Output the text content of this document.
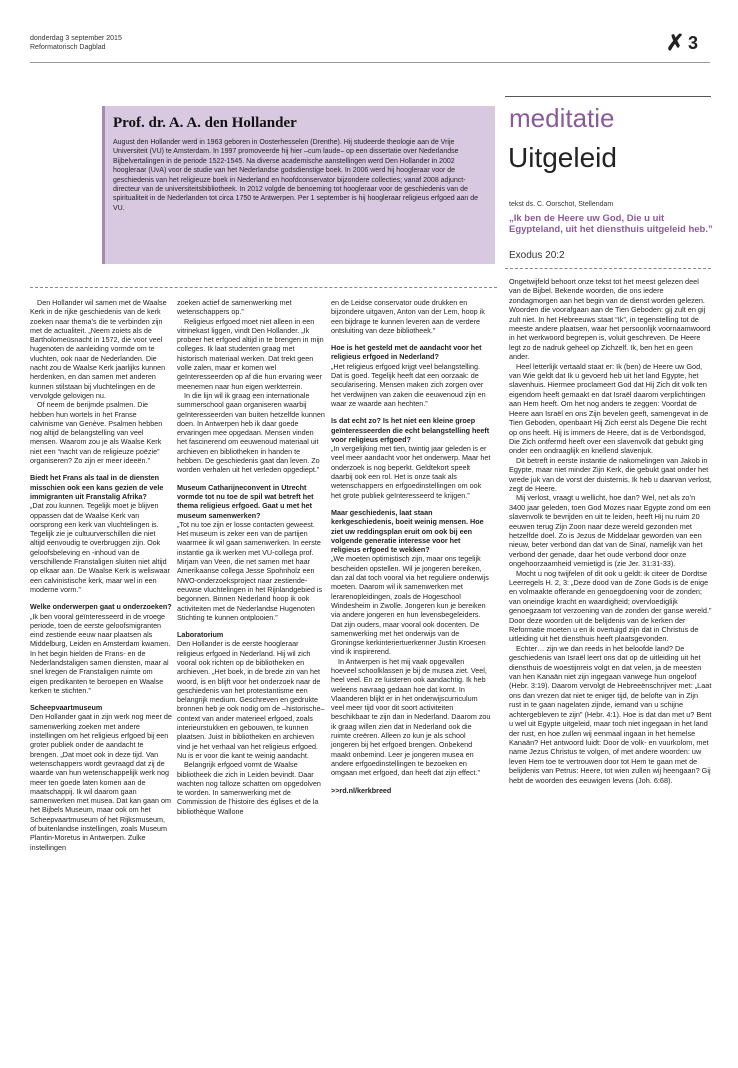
donderdag 3 september 2015
Reformatorisch Dagblad	✗ 3
Prof. dr. A. A. den Hollander
August den Hollander werd in 1963 geboren in Oosterhesselen (Drenthe). Hij studeerde theologie aan de Vrije Universiteit (VU) te Amsterdam. In 1997 promoveerde hij hier –cum laude– op een dissertatie over Nederlandse Bijbelvertalingen in de periode 1522-1545. Na diverse academische aanstellingen werd Den Hollander in 2002 hoogleraar (UvA) voor de studie van het Nederlandse godsdienstige boek. In 2006 werd hij hoogleraar voor de geschiedenis van het religieuze boek in Nederland en hoofdconservator bijzondere collecties; vanaf 2008 adjunct-directeur van de universiteitsbibliotheek. In 2012 volgde de benoeming tot hoogleraar voor de geschiedenis van de spiritualiteit in de Nederlanden tot circa 1750 te Antwerpen. Per 1 september is hij hoogleraar religieus erfgoed aan de VU.

Den Hollander wil samen met de Waalse Kerk in de rijke geschiedenis van de kerk zoeken naar thema’s die te verbinden zijn met de actualiteit. „Neem zoiets als de Bartholomeüsnacht in 1572, die voor veel hugenoten de aanleiding vormde om te vluchten, ook naar de Nederlanden. Die nacht zou de Waalse Kerk jaarlijks kunnen herdenken, en dan samen met anderen kunnen stilstaan bij vluchtelingen en de vervolgde gelovigen nu.

Of neem de berijmde psalmen. Die hebben hun wortels in het Franse calvinisme van Genève. Psalmen hebben nog altijd de belangstelling van veel mensen. Waarom zou je als Waalse Kerk niet een “nacht van de religieuze poëzie” organiseren? Zo zijn er meer ideeën.”

Biedt het Frans als taal in de diensten misschien ook een kans gezien de vele immigranten uit Franstalig Afrika?

„Dat zou kunnen. Tegelijk moet je blijven oppassen dat de Waalse Kerk van oorsprong een kerk van vluchtelingen is. Tegelijk zie je cultuurverschillen die niet altijd eenvoudig te overbruggen zijn. Ook geloofsbeleving en -inhoud van de verschillende Franstaligen sluiten niet altijd op elkaar aan. De Waalse Kerk is weliswaar een calvinistische kerk, maar wel in een moderne vorm.”

Welke onderwerpen gaat u onderzoeken?

„Ik ben vooral geïnteresseerd in de vroege periode, toen de eerste geloofsmigranten eind zestiende eeuw naar plaatsen als Middelburg, Leiden en Amsterdam kwamen. In het begin hielden de Frans- en de Nederlandstaligen samen diensten, maar al snel kregen de Franstaligen ruimte om eigen predikanten te beroepen en Waalse kerken te stichten.”

Scheepvaartmuseum

Den Hollander gaat in zijn werk nog meer de samenwerking zoeken met andere instellingen om het religieus erfgoed bij een groter publiek onder de aandacht te brengen. „Dat moet ook in deze tijd. Van wetenschappers wordt gevraagd dat zij de waarde van hun wetenschappelijk werk nog meer ten goede laten komen aan de maatschappij. Ik wil daarom gaan samenwerken met musea. Dat kan gaan om het Bijbels Museum, maar ook om het Scheepvaartmuseum of het Rijksmuseum, of buitenlandse instellingen, zoals Museum Plantin-Moretus in Antwerpen. Zulke instellingen

zoeken actief de samenwerking met wetenschappers op.”

Religieus erfgoed moet niet alleen in een vitrinekast liggen, vindt Den Hollander. „Ik probeer het erfgoed altijd in te brengen in mijn colleges. Ik laat studenten graag met historisch materiaal werken. Dat trekt geen volle zalen, maar er komen wel geïnteresseerden op af die hun ervaring weer meenemen naar hun eigen werkterrein.

In die lijn wil ik graag een internationale summerschool gaan organiseren waarbij geïnteresseerden van buiten hetzelfde kunnen doen. In Antwerpen heb ik daar goede ervaringen mee opgedaan. Mensen vinden het fascinerend om eeuwenoud materiaal uit archieven en bibliotheken in handen te hebben. De geschiedenis gaat dan leven. Zo worden verhalen uit het verleden opgediept.”

Museum Catharijneconvent in Utrecht vormde tot nu toe de spil wat betreft het thema religieus erfgoed. Gaat u met het museum samenwerken?

„Tot nu toe zijn er losse contacten geweest. Het museum is zeker een van de partijen waarmee ik wil gaan samenwerken. In eerste instantie ga ik werken met VU-collega prof. Mirjam van Veen, die net samen met haar Amerikaanse collega Jesse Spohnholz een NWO-onderzoeksproject naar zestiende-eeuwse vluchtelingen in het Rijnlandgebied is begonnen. Binnen Nederland hoop ik ook activiteiten met de Nederlandse Hugenoten Stichting te kunnen ontplooien.”

Laboratorium

Den Hollander is de eerste hoogleraar religieus erfgoed in Nederland. Hij wil zich vooral ook richten op de bibliotheken en archieven. „Het boek, in de brede zin van het woord, is en blijft voor het onderzoek naar de geschiedenis van het protestantisme een belangrijk medium. Geschreven en gedrukte bronnen heb je ook nodig om de –historische– context van ander materieel erfgoed, zoals interieurstukken en gebouwen, te kunnen plaatsen. Juist in bibliotheken en archieven vind je het verhaal van het religieus erfgoed. Nu is er voor die kant te weinig aandacht.

Belangrijk erfgoed vormt de Waalse bibliotheek die zich in Leiden bevindt. Daar wachten nog talloze schatten om opgedolven te worden. In samenwerking met de Commission de l’histoire des églises et de la bibliothèque Wallone

en de Leidse conservator oude drukken en bijzondere uitgaven, Anton van der Lem, hoop ik een bijdrage te kunnen leveren aan de verdere ontsluiting van deze bibliotheek.”

Hoe is het gesteld met de aandacht voor het religieus erfgoed in Nederland?

„Het religieus erfgoed krijgt veel belangstelling. Dat is goed. Tegelijk heeft dat een oorzaak: de secularisering. Mensen maken zich zorgen over het verdwijnen van zaken die eeuwenoud zijn en waar ze waarde aan hechten.”

Is dat echt zo? Is het niet een kleine groep geïnteresseerden die echt belangstelling heeft voor religieus erfgoed?

„In vergelijking met tien, twintig jaar geleden is er veel meer aandacht voor het onderwerp. Maar het onderzoek is nog beperkt. Geldtekort speelt daarbij ook een rol. Het is onze taak als wetenschappers en erfgoedinstellingen om ook het grote publiek geïnteresseerd te krijgen.”

Maar geschiedenis, laat staan kerkgeschiedenis, boeit weinig mensen. Hoe ziet uw reddingsplan eruit om ook bij een volgende generatie interesse voor het religieus erfgoed te wekken?

„We moeten optimistisch zijn, maar ons tegelijk bescheiden opstellen. Wil je jongeren bereiken, dan zal dat toch vooral via het reguliere onderwijs moeten. Daarom wil ik samenwerken met lerarenopleidingen, zoals de Hogeschool Windesheim in Zwolle. Jongeren kun je bereiken via andere jongeren en hun levensbegeleiders. Dat zijn ouders, maar vooral ook docenten. De samenwerking met het onderwijs van de Groningse kerkinteriertuerkenner Justin Kroesen vind ik inspirerend.

In Antwerpen is het mij vaak opgevallen hoeveel schoolklassen je bij de musea ziet. Veel, heel veel. En ze luisteren ook aandachtig. Ik heb weleens navraag gedaan hoe dat komt. In Vlaanderen blijkt er in het onderwijscurriculum veel meer tijd voor dit soort activiteiten beschikbaar te zijn dan in Nederland. Daarom zou ik graag willen zien dat in Nederland ook die ruimte creëren. Alleen zo kun je als school jongeren bij het erfgoed brengen. Onbekend maakt onbemind. Leer je jongeren musea en andere erfgoedinstellingen te bezoeken en omgaan met erfgoed, dan heeft dat zijn effect.”

>>rd.nl/kerkbreed
meditatie
Uitgeleid
tekst ds. C. Oorschot, Stellendam
„Ik ben de Heere uw God, Die u uit Egypteland, uit het diensthuis uitgeleid heb.”
Exodus 20:2

Ongetwijfeld behoort onze tekst tot het meest gelezen deel van de Bijbel. Bekende woorden, die ons iedere zondagmorgen aan het begin van de dienst worden gelezen. Woorden die voorafgaan aan de Tien Geboden: gij zult en gij zult niet. In het Hebreeuws staat “Ik”, in tegenstelling tot de meeste andere plaatsen, waar het persoonlijk voornaamwoord in het werkwoord begrepen is, voluit geschreven. De Heere legt zo de nadruk geheel op Zichzelf. Ik, ben het en geen ander.

Heel letterlijk vertaald staat er: Ik (ben) de Heere uw God, van Wie geldt dat Ik u gevoerd heb uit het land Egypte, het slavenhuis. Hiermee proclameert God dat Hij Zich dit volk ten eigendom heeft gemaakt en dat Israël daarom verplichtingen aan Hem heeft. Om het nog anders te zeggen: Voordat de Heere aan Israël en ons Zijn bevelen geeft, samengevat in de Tien Geboden, openbaart Hij Zich eerst als Degene Die recht op ons heeft. Hij is immers de Heere, dat is de Verbondsgod, Die Zich ontfermd heeft over een slavenvolk dat gebukt ging onder een ondraaglijk en knellend slavenjuk.

Dit betreft in eerste instantie de nakomelingen van Jakob in Egypte, maar niet minder Zijn Kerk, die gebukt gaat onder het wrede juk van de vorst der duisternis. Ik heb u daarvan verlost, zegt de Heere.

Mij verlost, vraagt u wellicht, hoe dan? Wel, net als zo’n 3400 jaar geleden, toen God Mozes naar Egypte zond om een slavenvolk te bevrijden en uit te leiden, heeft Hij nu ruim 20 eeuwen terug Zijn Zoon naar deze wereld gezonden met hetzelfde doel. Zo is Jezus de Middelaar geworden van een nieuw, beter verbond dan dat van de Sinaï, namelijk van het verbond der genade, daar het oude verbond door onze ongehoorzaamheid vernietigd is (zie Jer. 31:31-33).

Mocht u nog twijfelen of dit ook u geldt: ik citeer de Dordtse Leerregels H. 2, 3: „Deze dood van de Zone Gods is de enige en volmaakte offerande en genoegdoening voor de zonden; van oneindige kracht en waardigheid; overvloediglijk genoegzaam tot verzoening van de zonden der ganse wereld.” Door deze woorden uit de belijdenis van de kerken der Reformatie moeten u en ik overtuigd zijn dat in Christus de uitleiding uit het diensthuis heeft plaatsgevonden.

Echter… zijn we dan reeds in het beloofde land? De geschiedenis van Israël leert ons dat op de uitleiding uit het diensthuis de woestijnreis volgt en dat velen, ja de meesten van hen Kanaän niet zijn ingegaan vanwege hun ongeloof (Hebr. 3:19). Daarom vervolgt de Hebreeënschrijver met: „Laat ons dan vrezen dat niet te eniger tijd, de belofte van in Zijn rust in te gaan nagelaten zijnde, iemand van u schijne achtergebleven te zijn” (Hebr. 4:1). Hoe is dat dan met u? Bent u wel uit Egypte uitgeleid, maar toch niet ingegaan in het land der rust, en hoe zullen wij eenmaal ingaan in het hemelse Kanaän? Het antwoord luidt: Door de volk- en vuurkolom, met name Jezus Christus te volgen, of met andere woorden: uw leven Hem toe te vertrouwen door tot Hem te gaan met de belijdenis van Petrus: Heere, tot wien zullen wij heengaan? Gij hebt de woorden des eeuwigen levens (Joh. 6:68).
